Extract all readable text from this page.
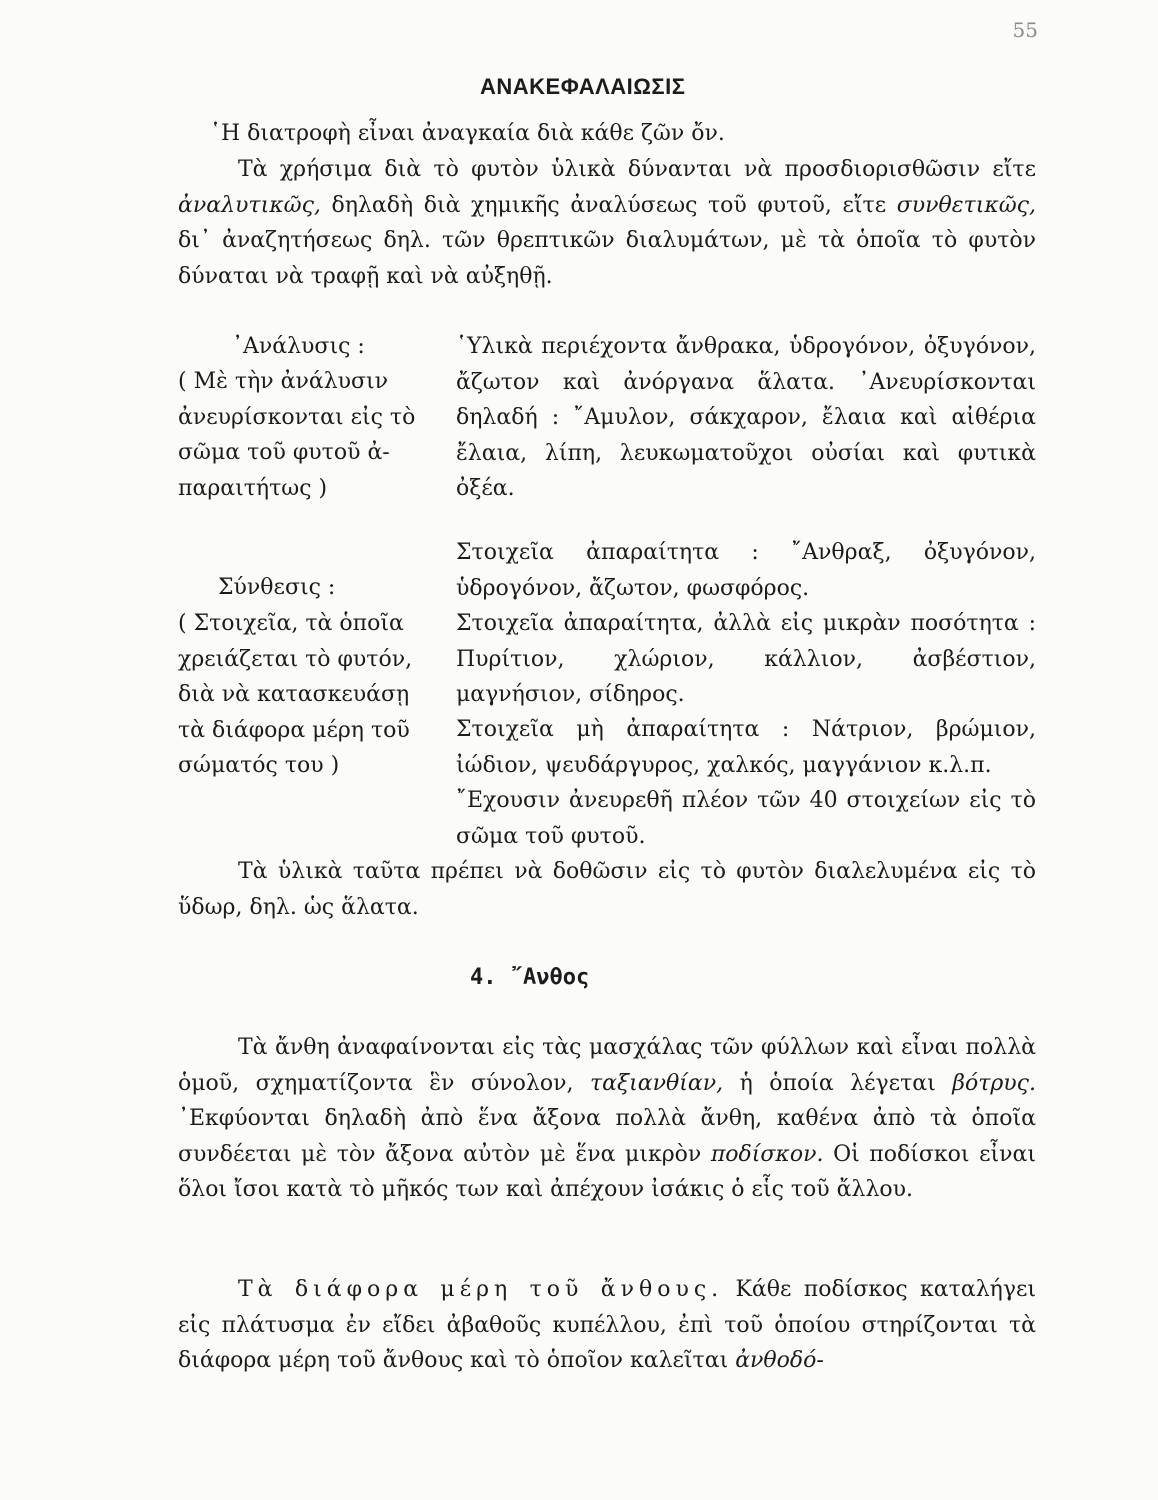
55
ΑΝΑΚΕΦΑΛΑΙΩΣΙΣ
῾Η διατροφὴ εἶναι ἀναγκαία διὰ κάθε ζῶν ὄν.
Τὰ χρήσιμα διὰ τὸ φυτὸν ὑλικὰ δύνανται νὰ προσδιορισθῶσιν εἴτε ἀναλυτικῶς, δηλαδὴ διὰ χημικῆς ἀναλύσεως τοῦ φυτοῦ, εἴτε συνθετικῶς, δι᾽ ἀναζητήσεως δηλ. τῶν θρεπτικῶν διαλυμάτων, μὲ τὰ ὁποῖα τὸ φυτὸν δύναται νὰ τραφῇ καὶ νὰ αὐξηθῇ.
᾽Ανάλυσις :
( Μὲ τὴν ἀνάλυσιν ἀνευρίσκονται εἰς τὸ σῶμα τοῦ φυτοῦ ἀ- παραιτήτως )
῾Υλικὰ περιέχοντα ἄνθρακα, ὑδρογόνον, ὀξυγόνον, ἄζωτον καὶ ἀνόργανα ἅλατα. ᾽Ανευρίσκονται δηλαδή : ῎Αμυλον, σάκχαρον, ἔλαια καὶ αἰθέρια ἔλαια, λίπη, λευκωματοῦχοι οὐσίαι καὶ φυτικὰ ὀξέα.
Στοιχεῖα ἀπαραίτητα : ῎Ανθραξ, ὀξυγόνον, ὑδρογόνον, ἄζωτον, φωσφόρος.
Σύνθεσις :
( Στοιχεῖα, τὰ ὁποῖα χρειάζεται τὸ φυτόν, διὰ νὰ κατασκευάσῃ τὰ διάφορα μέρη τοῦ σώματός του )
Στοιχεῖα ἀπαραίτητα, ἀλλὰ εἰς μικρὰν ποσότητα : Πυρίτιον, χλώριον, κάλλιον, ἀσβέστιον, μαγνήσιον, σίδηρος.
Στοιχεῖα μὴ ἀπαραίτητα : Νάτριον, βρώμιον, ἰώδιον, ψευδάργυρος, χαλκός, μαγγάνιον κ.λ.π.
῎Εχουσιν ἀνευρεθῆ πλέον τῶν 40 στοιχείων εἰς τὸ σῶμα τοῦ φυτοῦ.
Τὰ ὑλικὰ ταῦτα πρέπει νὰ δοθῶσιν εἰς τὸ φυτὸν διαλελυμένα εἰς τὸ ὕδωρ, δηλ. ὡς ἅλατα.
4. ῎Ανθος
Τὰ ἄνθη ἀναφαίνονται εἰς τὰς μασχάλας τῶν φύλλων καὶ εἶναι πολλὰ ὁμοῦ, σχηματίζοντα ἓν σύνολον, ταξιανθίαν, ἡ ὁποία λέγεται βότρυς. ᾽Εκφύονται δηλαδὴ ἀπὸ ἕνα ἄξονα πολλὰ ἄνθη, καθένα ἀπὸ τὰ ὁποῖα συνδέεται μὲ τὸν ἄξονα αὐτὸν μὲ ἕνα μικρὸν ποδίσκον. Οἱ ποδίσκοι εἶναι ὅλοι ἴσοι κατὰ τὸ μῆκός των καὶ ἀπέχουν ἰσάκις ὁ εἷς τοῦ ἄλλου.
Τὰ διάφορα μέρη τοῦ ἄνθους. Κάθε ποδίσκος καταλήγει εἰς πλάτυσμα ἐν εἴδει ἀβαθοῦς κυπέλλου, ἐπὶ τοῦ ὁποίου στηρίζονται τὰ διάφορα μέρη τοῦ ἄνθους καὶ τὸ ὁποῖον καλεῖται ἀνθοδό-
